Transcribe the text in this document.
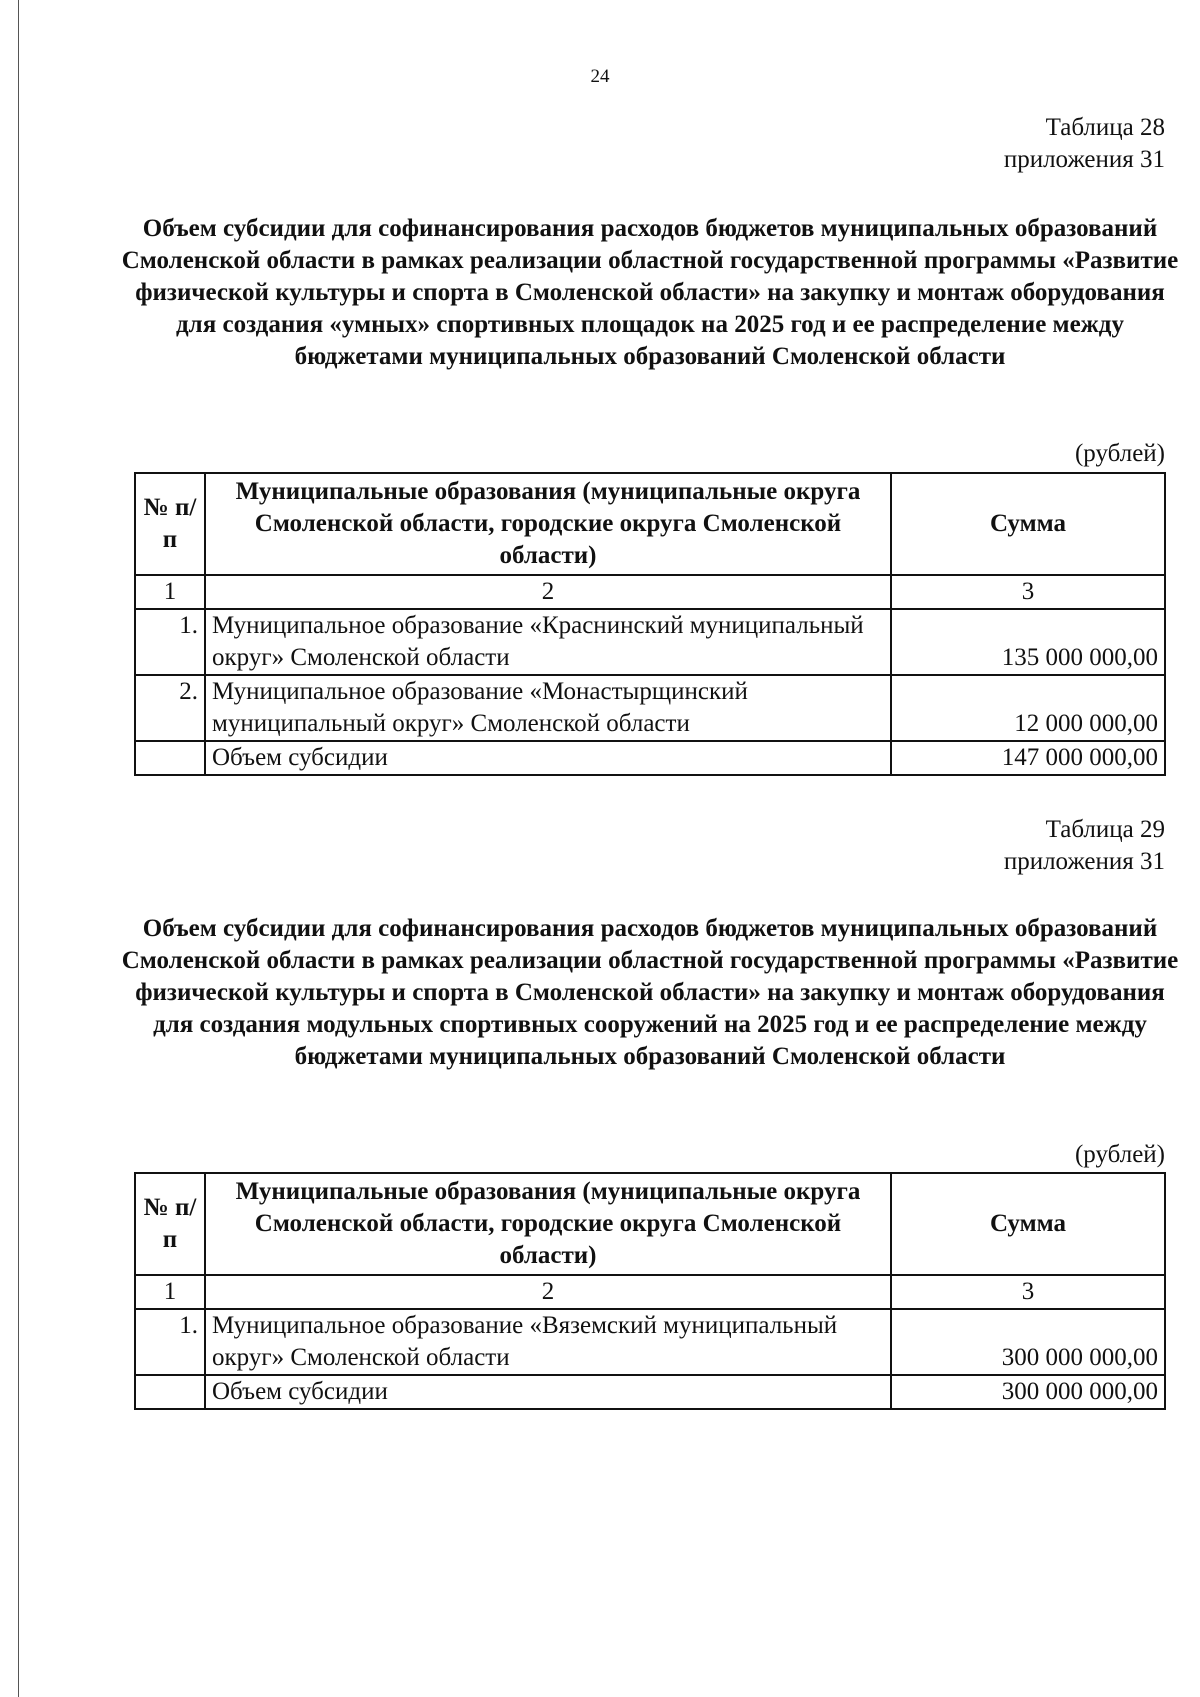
24
Таблица 28
приложения 31
Объем субсидии для софинансирования расходов бюджетов муниципальных образований Смоленской области в рамках реализации областной государственной программы «Развитие физической культуры и спорта в Смоленской области» на закупку и монтаж оборудования для создания «умных» спортивных площадок на 2025 год и ее распределение между бюджетами муниципальных образований Смоленской области
(рублей)
№ п/п	Муниципальные образования (муниципальные округа Смоленской области, городские округа Смоленской области)	Сумма
1	2	3
1.	Муниципальное образование «Краснинский муниципальный округ» Смоленской области	135 000 000,00
2.	Муниципальное образование «Монастырщинский муниципальный округ» Смоленской области	12 000 000,00
	Объем субсидии	147 000 000,00
Таблица 29
приложения 31
Объем субсидии для софинансирования расходов бюджетов муниципальных образований Смоленской области в рамках реализации областной государственной программы «Развитие физической культуры и спорта в Смоленской области» на закупку и монтаж оборудования для создания модульных спортивных сооружений на 2025 год и ее распределение между бюджетами муниципальных образований Смоленской области
(рублей)
№ п/п	Муниципальные образования (муниципальные округа Смоленской области, городские округа Смоленской области)	Сумма
1	2	3
1.	Муниципальное образование «Вяземский муниципальный округ» Смоленской области	300 000 000,00
	Объем субсидии	300 000 000,00
